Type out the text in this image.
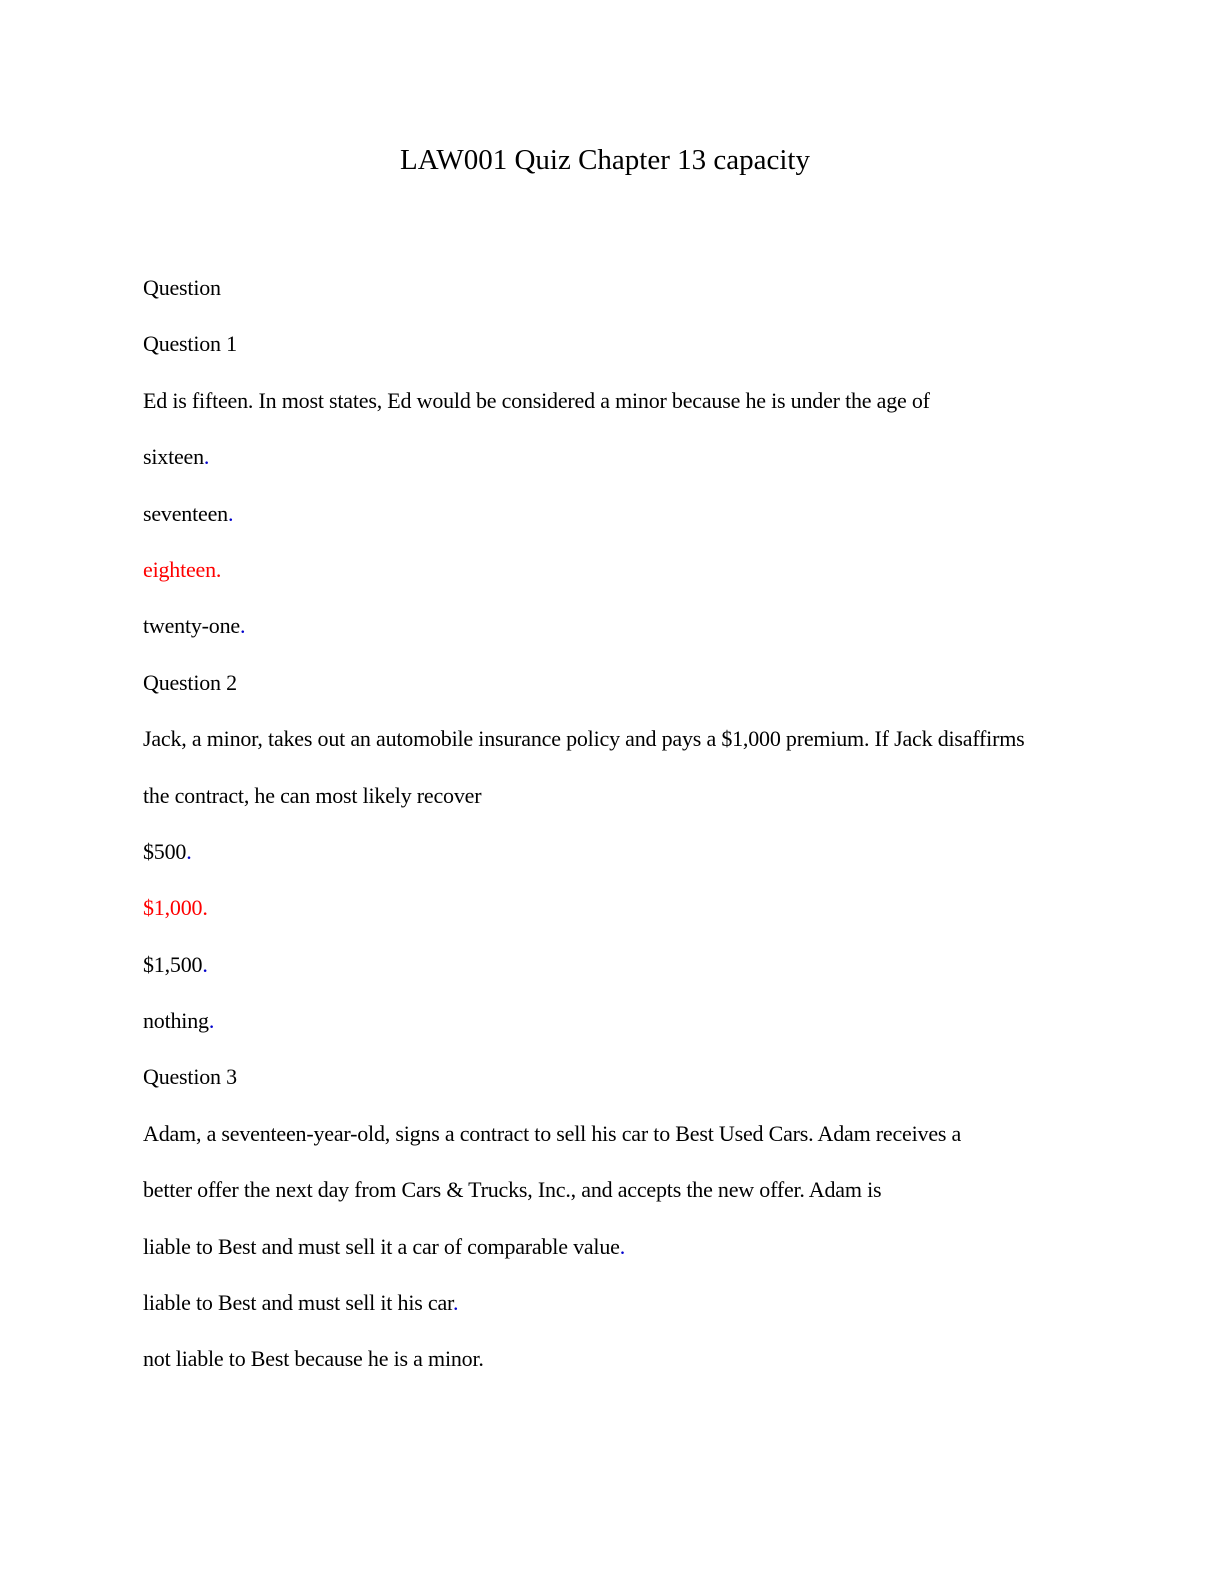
LAW001 Quiz Chapter 13 capacity

Question

Question 1

Ed is fifteen. In most states, Ed would be considered a minor because he is under the age of

sixteen.

seventeen.

eighteen.

twenty-one.

Question 2

Jack, a minor, takes out an automobile insurance policy and pays a $1,000 premium. If Jack disaffirms

the contract, he can most likely recover

$500.

$1,000.

$1,500.

nothing.

Question 3

Adam, a seventeen-year-old, signs a contract to sell his car to Best Used Cars. Adam receives a

better offer the next day from Cars & Trucks, Inc., and accepts the new offer. Adam is

liable to Best and must sell it a car of comparable value.

liable to Best and must sell it his car.

not liable to Best because he is a minor.
